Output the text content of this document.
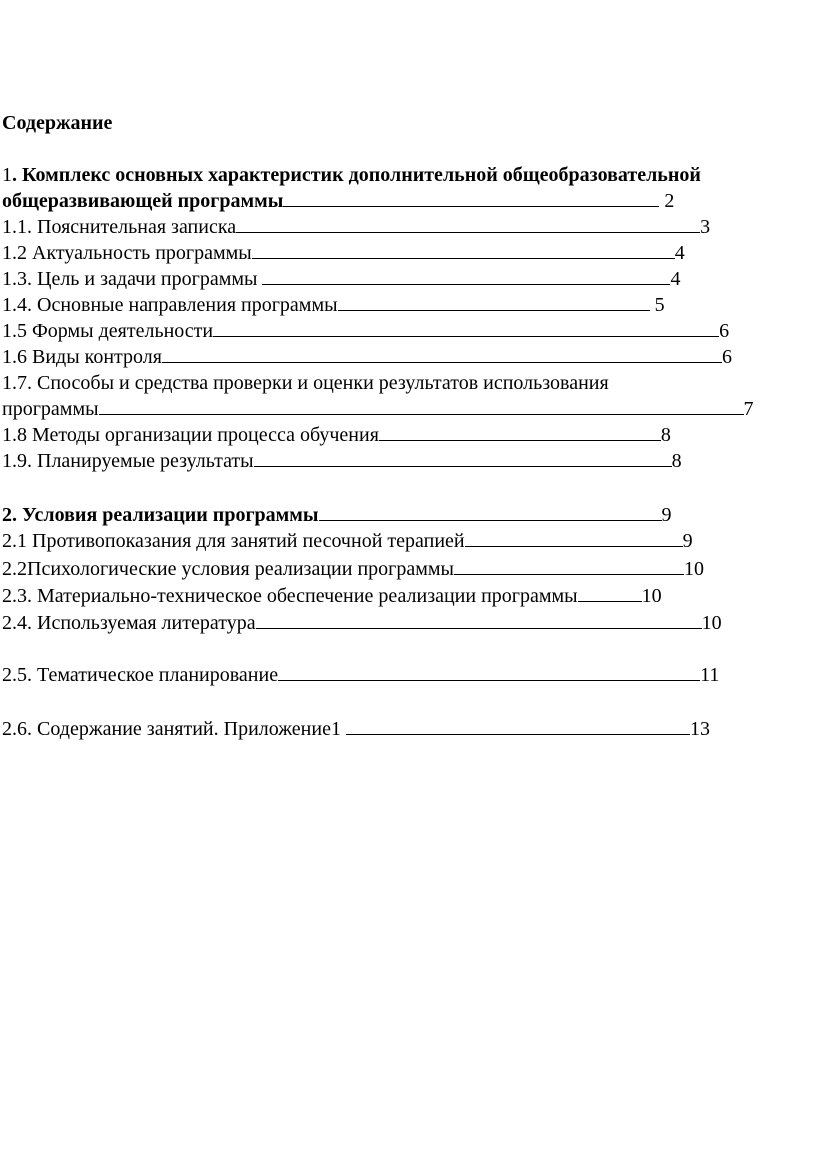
Содержание
1. Комплекс основных характеристик дополнительной общеобразовательной
общеразвивающей программы	2
1.1. Пояснительная записка	3
1.2 Актуальность программы	4
1.3. Цель и задачи программы	4
1.4. Основные направления программы	5
1.5 Формы деятельности	6
1.6 Виды контроля	6
1.7. Способы и средства проверки и оценки результатов использования
программы	7
1.8 Методы организации процесса обучения	8
1.9. Планируемые результаты	8
2. Условия реализации программы	9
2.1 Противопоказания для занятий песочной терапией	9
2.2Психологические условия реализации программы	10
2.3. Материально-техническое обеспечение реализации программы	10
2.4. Используемая литература	10
2.5. Тематическое планирование	11
2.6. Содержание занятий. Приложение1	13
